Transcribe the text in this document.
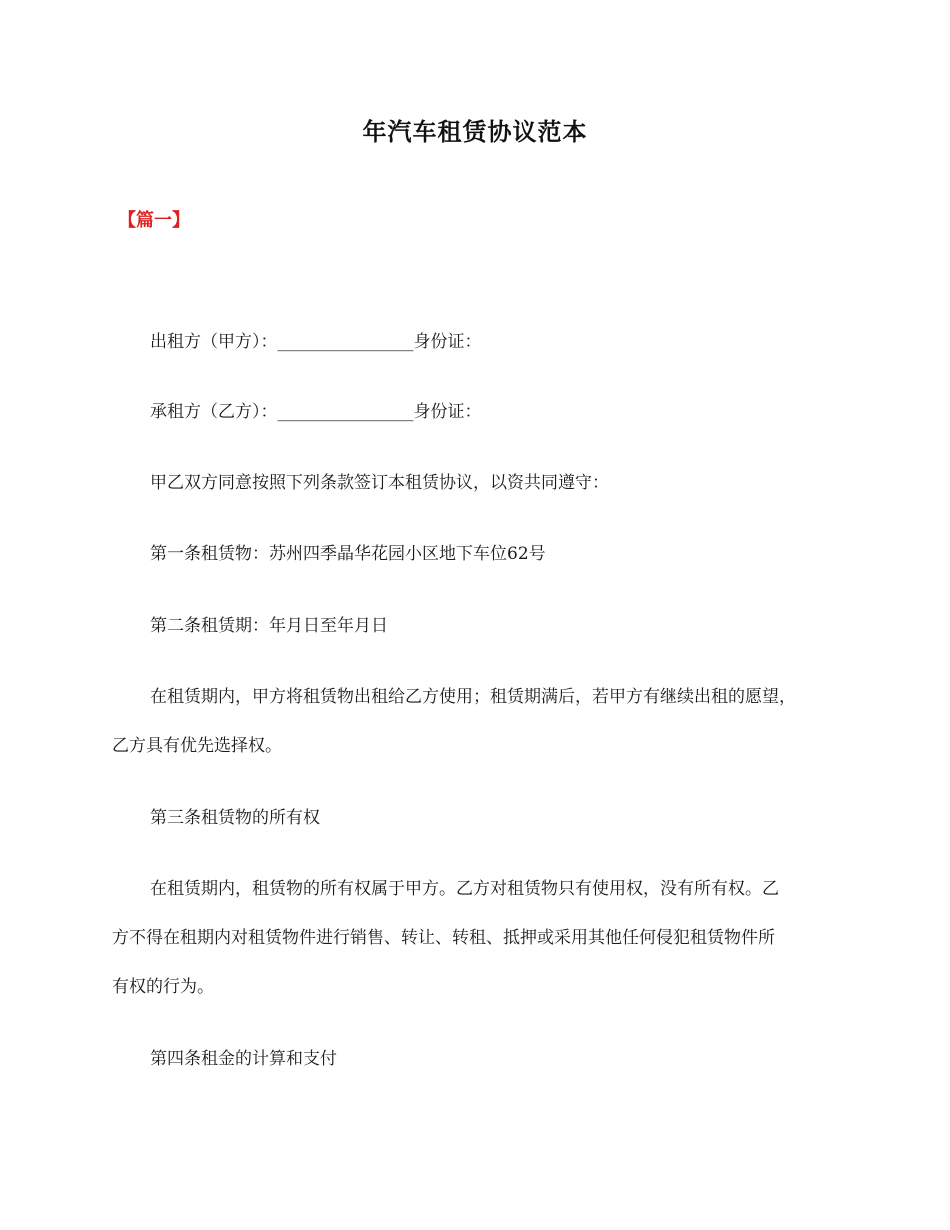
年汽车租赁协议范本
【篇一】
出租方（甲方）：________________身份证：
承租方（乙方）：________________身份证：
甲乙双方同意按照下列条款签订本租赁协议，以资共同遵守：
第一条租赁物：苏州四季晶华花园小区地下车位62号
第二条租赁期：年月日至年月日
在租赁期内，甲方将租赁物出租给乙方使用；租赁期满后，若甲方有继续出租的愿望，
乙方具有优先选择权。
第三条租赁物的所有权
在租赁期内，租赁物的所有权属于甲方。乙方对租赁物只有使用权，没有所有权。乙
方不得在租期内对租赁物件进行销售、转让、转租、抵押或采用其他任何侵犯租赁物件所
有权的行为。
第四条租金的计算和支付
